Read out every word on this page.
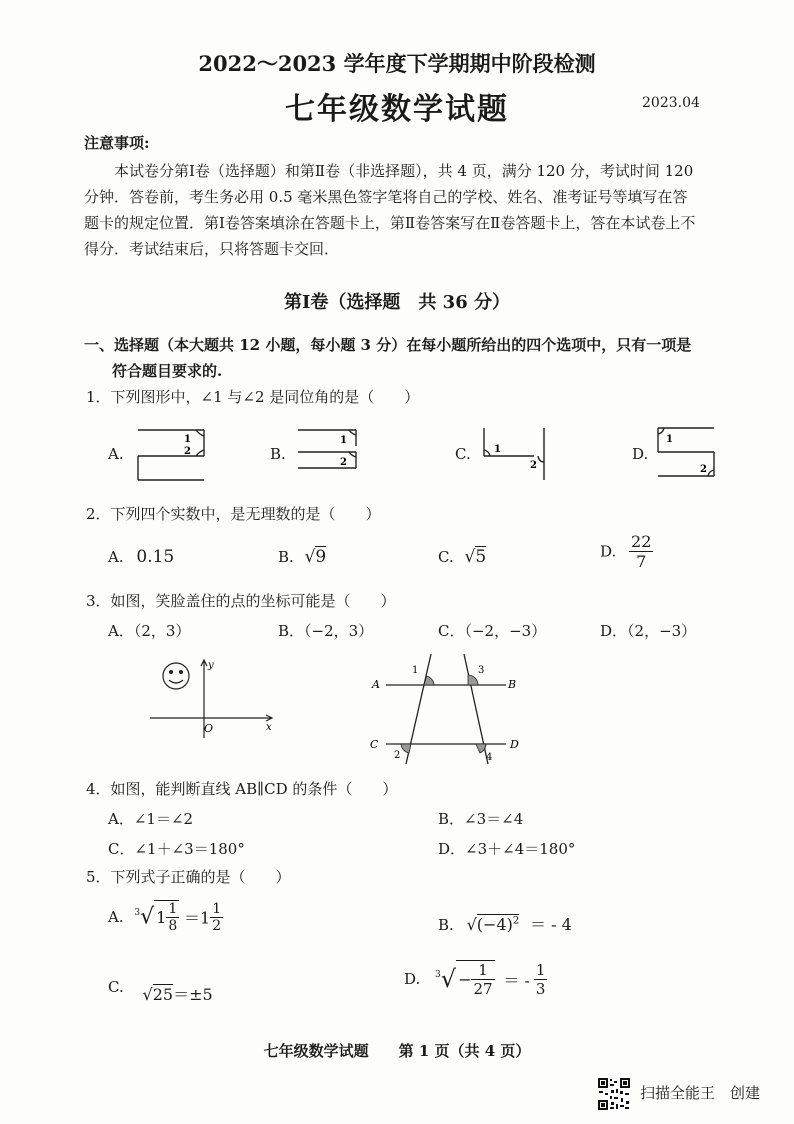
2022～2023 学年度下学期期中阶段检测
七年级数学试题	2023.04
注意事项:

本试卷分第Ⅰ卷（选择题）和第Ⅱ卷（非选择题），共 4 页，满分 120 分，考试时间 120

分钟．答卷前，考生务必用 0.5 毫米黑色签字笔将自己的学校、姓名、准考证号等填写在答

题卡的规定位置．第Ⅰ卷答案填涂在答题卡上，第Ⅱ卷答案写在Ⅱ卷答题卡上，答在本试卷上不

得分．考试结束后，只将答题卡交回．

第Ⅰ卷（选择题　共 36 分）
一、选择题（本大题共 12 小题，每小题 3 分）在每小题所给出的四个选项中，只有一项是
符合题目要求的.
1．下列图形中，∠1 与∠2 是同位角的是（　　）
A.
1
2	B.
1
2	C. 1
2
D.
1
2
2．下列四个实数中，是无理数的是（　　）
A. 0.15	B. √9	C. √5	D. $\frac{22}{7}$
3．如图，笑脸盖住的点的坐标可能是（　　）
A．（2，3）	B．（−2，3）	C．（−2，−3）	D．（2，−3）
y
x
O
A	B
C	D
1	3
2	4
4．如图，能判断直线 AB∥CD 的条件（　　）
A．∠1＝∠2	B．∠3＝∠4
C．∠1＋∠3＝180°	D．∠3＋∠4＝180°
5．下列式子正确的是（　　）
A. $^3$√ $1 \frac{1}{8} =1 \frac{1}{2}$	B. $√(-4)^2$ ＝ - 4
C. √25＝±5
D. $^3√ - \frac{1}{27}$ ＝ - $\frac{1}{3}$
七年级数学试题　　第 1 页（共 4 页）
扫描全能王　创建
